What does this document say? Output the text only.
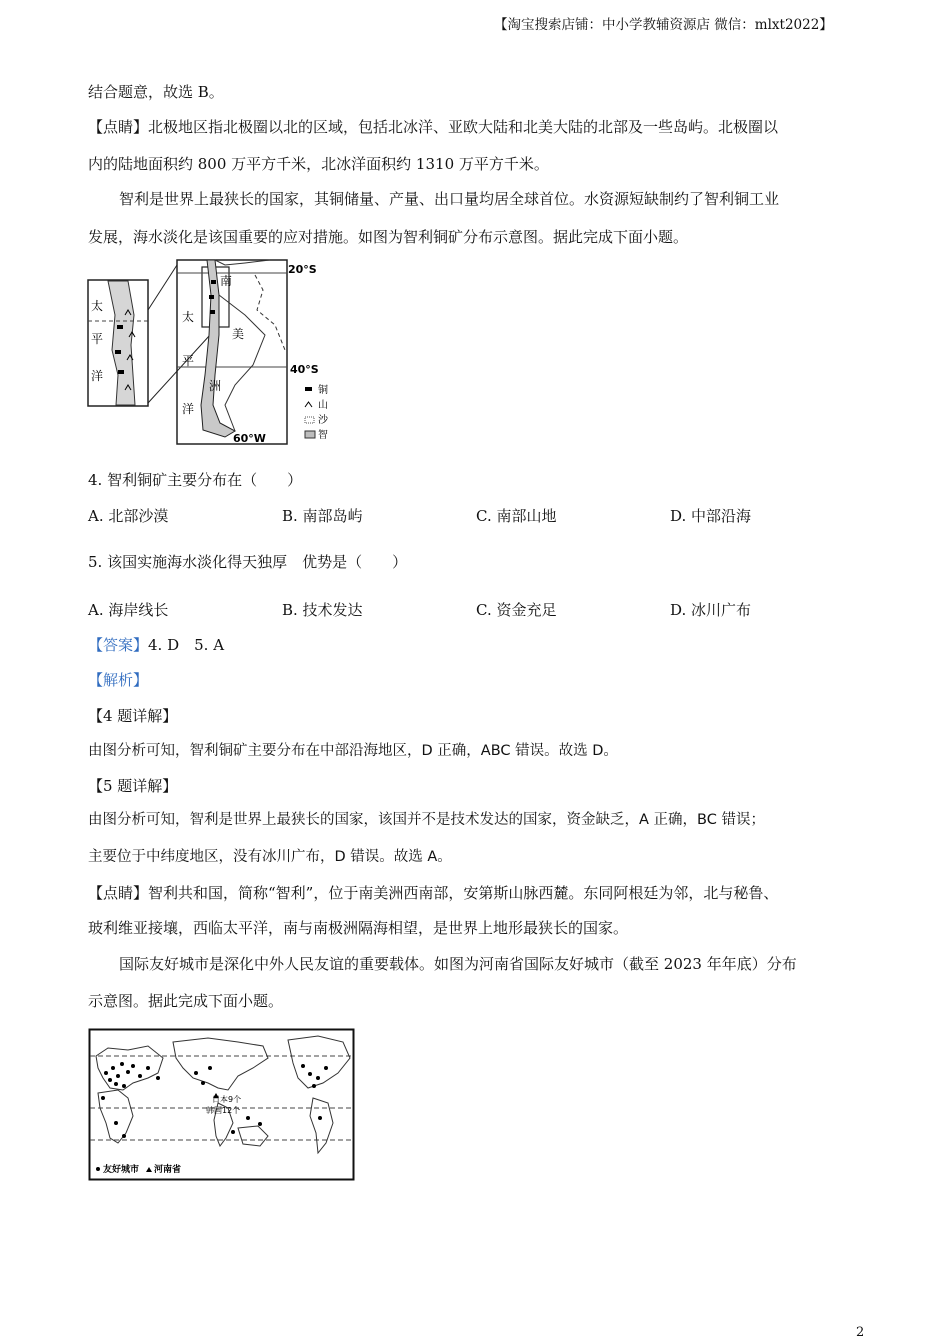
【淘宝搜索店铺：中小学教辅资源店 微信：mlxt2022】
结合题意，故选 B。
【点睛】北极地区指北极圈以北的区域，包括北冰洋、亚欧大陆和北美大陆的北部及一些岛屿。北极圈以
内的陆地面积约 800 万平方千米，北冰洋面积约 1310 万平方千米。
智利是世界上最狭长的国家，其铜储量、产量、出口量均居全球首位。水资源短缺制约了智利铜工业
发展，海水淡化是该国重要的应对措施。如图为智利铜矿分布示意图。据此完成下面小题。
太
平
洋
南
美
洲
太
平
洋
20°S
40°S
60°W
铜
山
沙
智
4. 智利铜矿主要分布在（　　）
A. 北部沙漠	B. 南部岛屿	C. 南部山地	D. 中部沿海
5. 该国实施海水淡化得天独厚　优势是（　　）
A. 海岸线长	B. 技术发达	C. 资金充足	D. 冰川广布
【答案】4. D　5. A
【解析】
【4 题详解】
由图分析可知，智利铜矿主要分布在中部沿海地区，D 正确，ABC 错误。故选 D。
【5 题详解】
由图分析可知，智利是世界上最狭长的国家，该国并不是技术发达的国家，资金缺乏，A 正确，BC 错误；
主要位于中纬度地区，没有冰川广布，D 错误。故选 A。
【点睛】智利共和国，简称“智利”，位于南美洲西南部，安第斯山脉西麓。东同阿根廷为邻，北与秘鲁、
玻利维亚接壤，西临太平洋，南与南极洲隔海相望，是世界上地形最狭长的国家。
国际友好城市是深化中外人民友谊的重要载体。如图为河南省国际友好城市（截至 2023 年年底）分布
示意图。据此完成下面小题。
日本9个
韩国12个
友好城市 河南省
2
